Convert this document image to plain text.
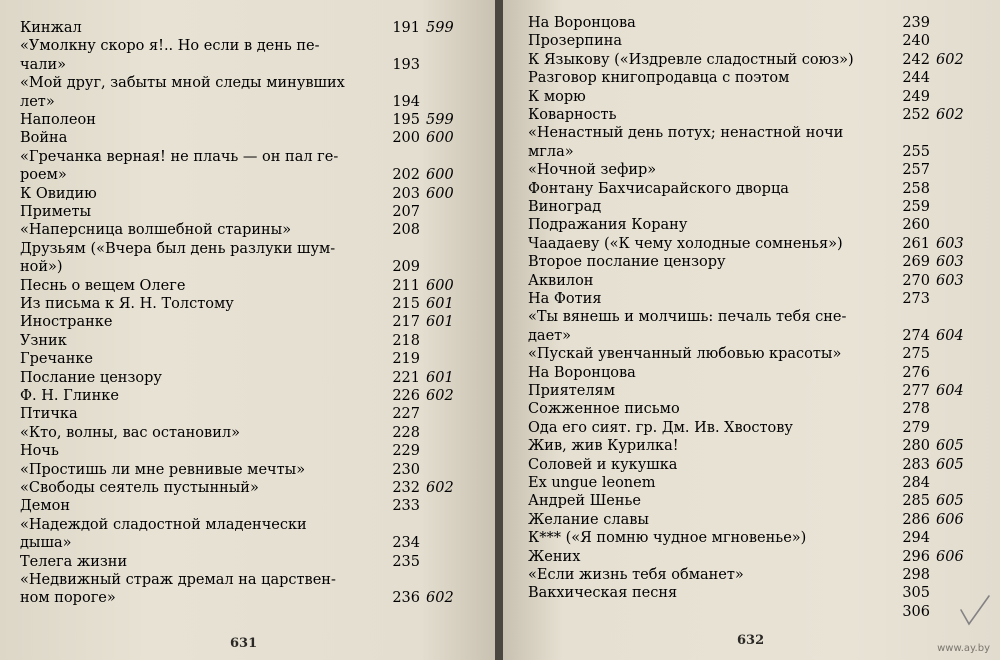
Кинжал	191 599
«Умолкну скоро я!.. Но если в день пе-
чали»	193
«Мой друг, забыты мной следы минувших
лет»	194
Наполеон	195 599
Война	200 600
«Гречанка верная! не плачь — он пал ге-
роем»	202 600
К Овидию	203 600
Приметы	207
«Наперсница волшебной старины»	208
Друзьям («Вчера был день разлуки шум-
ной»)	209
Песнь о вещем Олеге	211 600
Из письма к Я. Н. Толстому	215 601
Иностранке	217 601
Узник	218
Гречанке	219
Послание цензору	221 601
Ф. Н. Глинке	226 602
Птичка	227
«Кто, волны, вас остановил»	228
Ночь	229
«Простишь ли мне ревнивые мечты»	230
«Свободы сеятель пустынный»	232 602
Демон	233
«Надеждой сладостной младенчески
дыша»	234
Телега жизни	235
«Недвижный страж дремал на царствен-
ном пороге»	236 602
На Воронцова	239
Прозерпина	240
К Языкову («Издревле сладостный союз»)	242 602
Разговор книгопродавца с поэтом	244
К морю	249
Коварность	252 602
«Ненастный день потух; ненастной ночи
мгла»	255
«Ночной зефир»	257
Фонтану Бахчисарайского дворца	258
Виноград	259
Подражания Корану	260
Чаадаеву («К чему холодные сомненья»)	261 603
Второе послание цензору	269 603
Аквилон	270 603
На Фотия	273
«Ты вянешь и молчишь: печаль тебя сне-
дает»	274 604
«Пускай увенчанный любовью красоты»	275
На Воронцова	276
Приятелям	277 604
Сожженное письмо	278
Ода его сият. гр. Дм. Ив. Хвостову	279
Жив, жив Курилка!	280 605
Соловей и кукушка	283 605
Ex ungue leonem	284
Андрей Шенье	285 605
Желание славы	286 606
К*** («Я помню чудное мгновенье»)	294
Жених	296 606
«Если жизнь тебя обманет»	298
Вакхическая песня	305
306
631	632
www.ay.by
